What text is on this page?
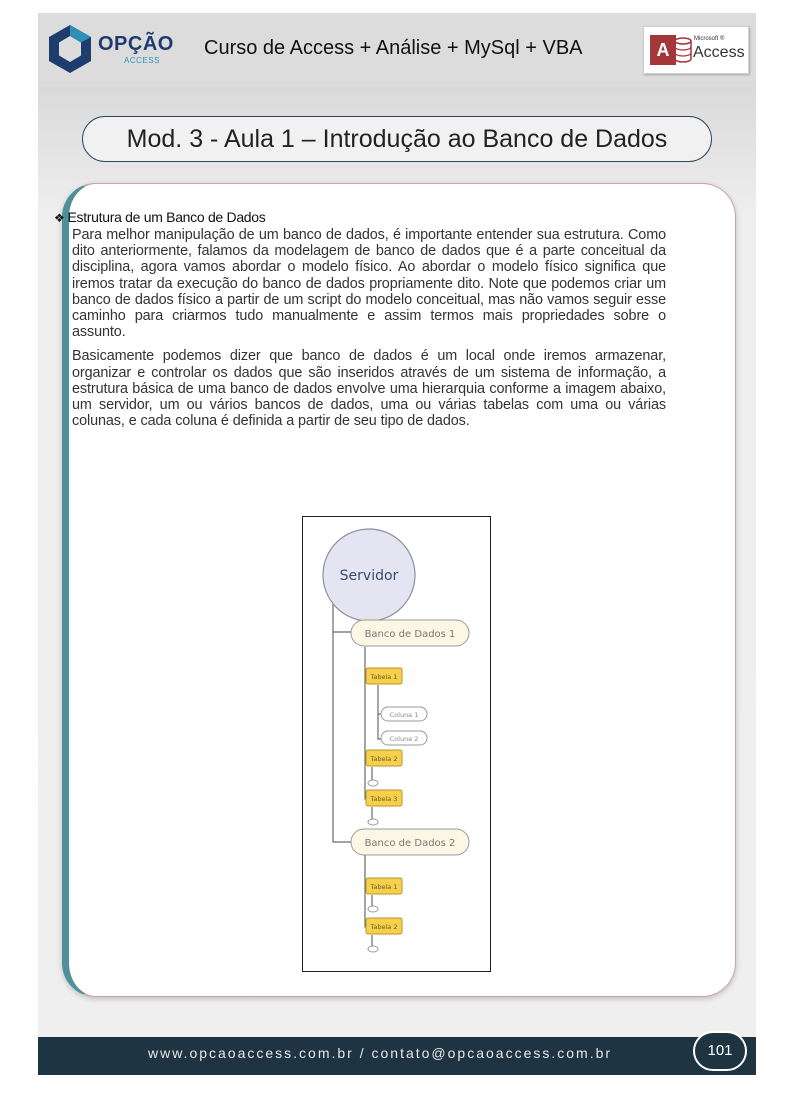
OPÇÃO
ACCESS
Curso de Access + Análise + MySql + VBA	A
Microsoft ®
Access
Mod. 3 - Aula 1 – Introdução ao Banco de Dados
www.opcaoaccess.com.br / contato@opcaoaccess.com.br	101
❖ Estrutura de um Banco de Dados

Para melhor manipulação de um banco de dados, é importante entender sua estrutura. Como dito anteriormente, falamos da modelagem de banco de dados que é a parte conceitual da disciplina, agora vamos abordar o modelo físico. Ao abordar o modelo físico significa que iremos tratar da execução do banco de dados propriamente dito. Note que podemos criar um banco de dados físico a partir de um script do modelo conceitual, mas não vamos seguir esse caminho para criarmos tudo manualmente e assim termos mais propriedades sobre o assunto.

Basicamente podemos dizer que banco de dados é um local onde iremos armazenar, organizar e controlar os dados que são inseridos através de um sistema de informação, a estrutura básica de uma banco de dados envolve uma hierarquia conforme a imagem abaixo, um servidor, um ou vários bancos de dados, uma ou várias tabelas com uma ou várias colunas, e cada coluna é definida a partir de seu tipo de dados.

Servidor
Banco de Dados 1
Tabela 1
Coluna 1
Coluna 2
Tabela 2
Tabela 3
Banco de Dados 2
Tabela 1
Tabela 2
